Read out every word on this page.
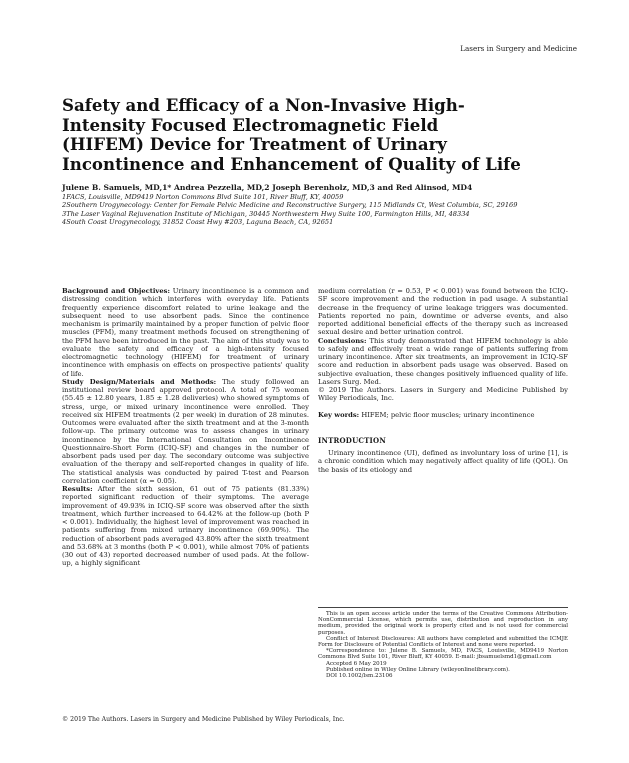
Lasers in Surgery and Medicine
Safety and Efficacy of a Non-Invasive High-Intensity Focused Electromagnetic Field (HIFEM) Device for Treatment of Urinary Incontinence and Enhancement of Quality of Life
Julene B. Samuels, MD,1* Andrea Pezzella, MD,2 Joseph Berenholz, MD,3 and Red Alinsod, MD4
1FACS, Louisville, MD9419 Norton Commons Blvd Suite 101, River Bluff, KY, 40059
2Southern Urogynecology: Center for Female Pelvic Medicine and Reconstructive Surgery, 115 Midlands Ct, West Columbia, SC, 29169
3The Laser Vaginal Rejuvenation Institute of Michigan, 30445 Northwestern Hwy Suite 100, Farmington Hills, MI, 48334
4South Coast Urogynecology, 31852 Coast Hwy #203, Laguna Beach, CA, 92651

Background and Objectives: Urinary incontinence is a common and distressing condition which interferes with everyday life. Patients frequently experience discomfort related to urine leakage and the subsequent need to use absorbent pads. Since the continence mechanism is primarily maintained by a proper function of pelvic floor muscles (PFM), many treatment methods focused on strengthening of the PFM have been introduced in the past. The aim of this study was to evaluate the safety and efficacy of a high-intensity focused electromagnetic technology (HIFEM) for treatment of urinary incontinence with emphasis on effects on prospective patients' quality of life.

Study Design/Materials and Methods: The study followed an institutional review board approved protocol. A total of 75 women (55.45 ± 12.80 years, 1.85 ± 1.28 deliveries) who showed symptoms of stress, urge, or mixed urinary incontinence were enrolled. They received six HIFEM treatments (2 per week) in duration of 28 minutes. Outcomes were evaluated after the sixth treatment and at the 3-month follow-up. The primary outcome was to assess changes in urinary incontinence by the International Consultation on Incontinence Questionnaire-Short Form (ICIQ-SF) and changes in the number of absorbent pads used per day. The secondary outcome was subjective evaluation of the therapy and self-reported changes in quality of life. The statistical analysis was conducted by paired T-test and Pearson correlation coefficient (α = 0.05).

Results: After the sixth session, 61 out of 75 patients (81.33%) reported significant reduction of their symptoms. The average improvement of 49.93% in ICIQ-SF score was observed after the sixth treatment, which further increased to 64.42% at the follow-up (both P < 0.001). Individually, the highest level of improvement was reached in patients suffering from mixed urinary incontinence (69.90%). The reduction of absorbent pads averaged 43.80% after the sixth treatment and 53.68% at 3 months (both P < 0.001), while almost 70% of patients (30 out of 43) reported decreased number of used pads. At the follow-up, a highly significant

medium correlation (r = 0.53, P < 0.001) was found between the ICIQ-SF score improvement and the reduction in pad usage. A substantial decrease in the frequency of urine leakage triggers was documented. Patients reported no pain, downtime or adverse events, and also reported additional beneficial effects of the therapy such as increased sexual desire and better urination control.

Conclusions: This study demonstrated that HIFEM technology is able to safely and effectively treat a wide range of patients suffering from urinary incontinence. After six treatments, an improvement in ICIQ-SF score and reduction in absorbent pads usage was observed. Based on subjective evaluation, these changes positively influenced quality of life. Lasers Surg. Med.

© 2019 The Authors. Lasers in Surgery and Medicine Published by Wiley Periodicals, Inc.

Key words: HIFEM; pelvic floor muscles; urinary incontinence

INTRODUCTION

Urinary incontinence (UI), defined as involuntary loss of urine [1], is a chronic condition which may negatively affect quality of life (QOL). On the basis of its etiology and

This is an open access article under the terms of the Creative Commons Attribution-NonCommercial License, which permits use, distribution and reproduction in any medium, provided the original work is properly cited and is not used for commercial purposes.

Conflict of Interest Disclosures: All authors have completed and submitted the ICMJE Form for Disclosure of Potential Conflicts of Interest and none were reported.

*Correspondence to: Julene B. Samuels, MD, FACS, Louisville, MD9419 Norton Commons Blvd Suite 101, River Bluff, KY 40059. E-mail: jbsamuelsmd1@gmail.com

Accepted 6 May 2019

Published online in Wiley Online Library (wileyonlinelibrary.com).

DOI 10.1002/lsm.23106

© 2019 The Authors. Lasers in Surgery and Medicine Published by Wiley Periodicals, Inc.
